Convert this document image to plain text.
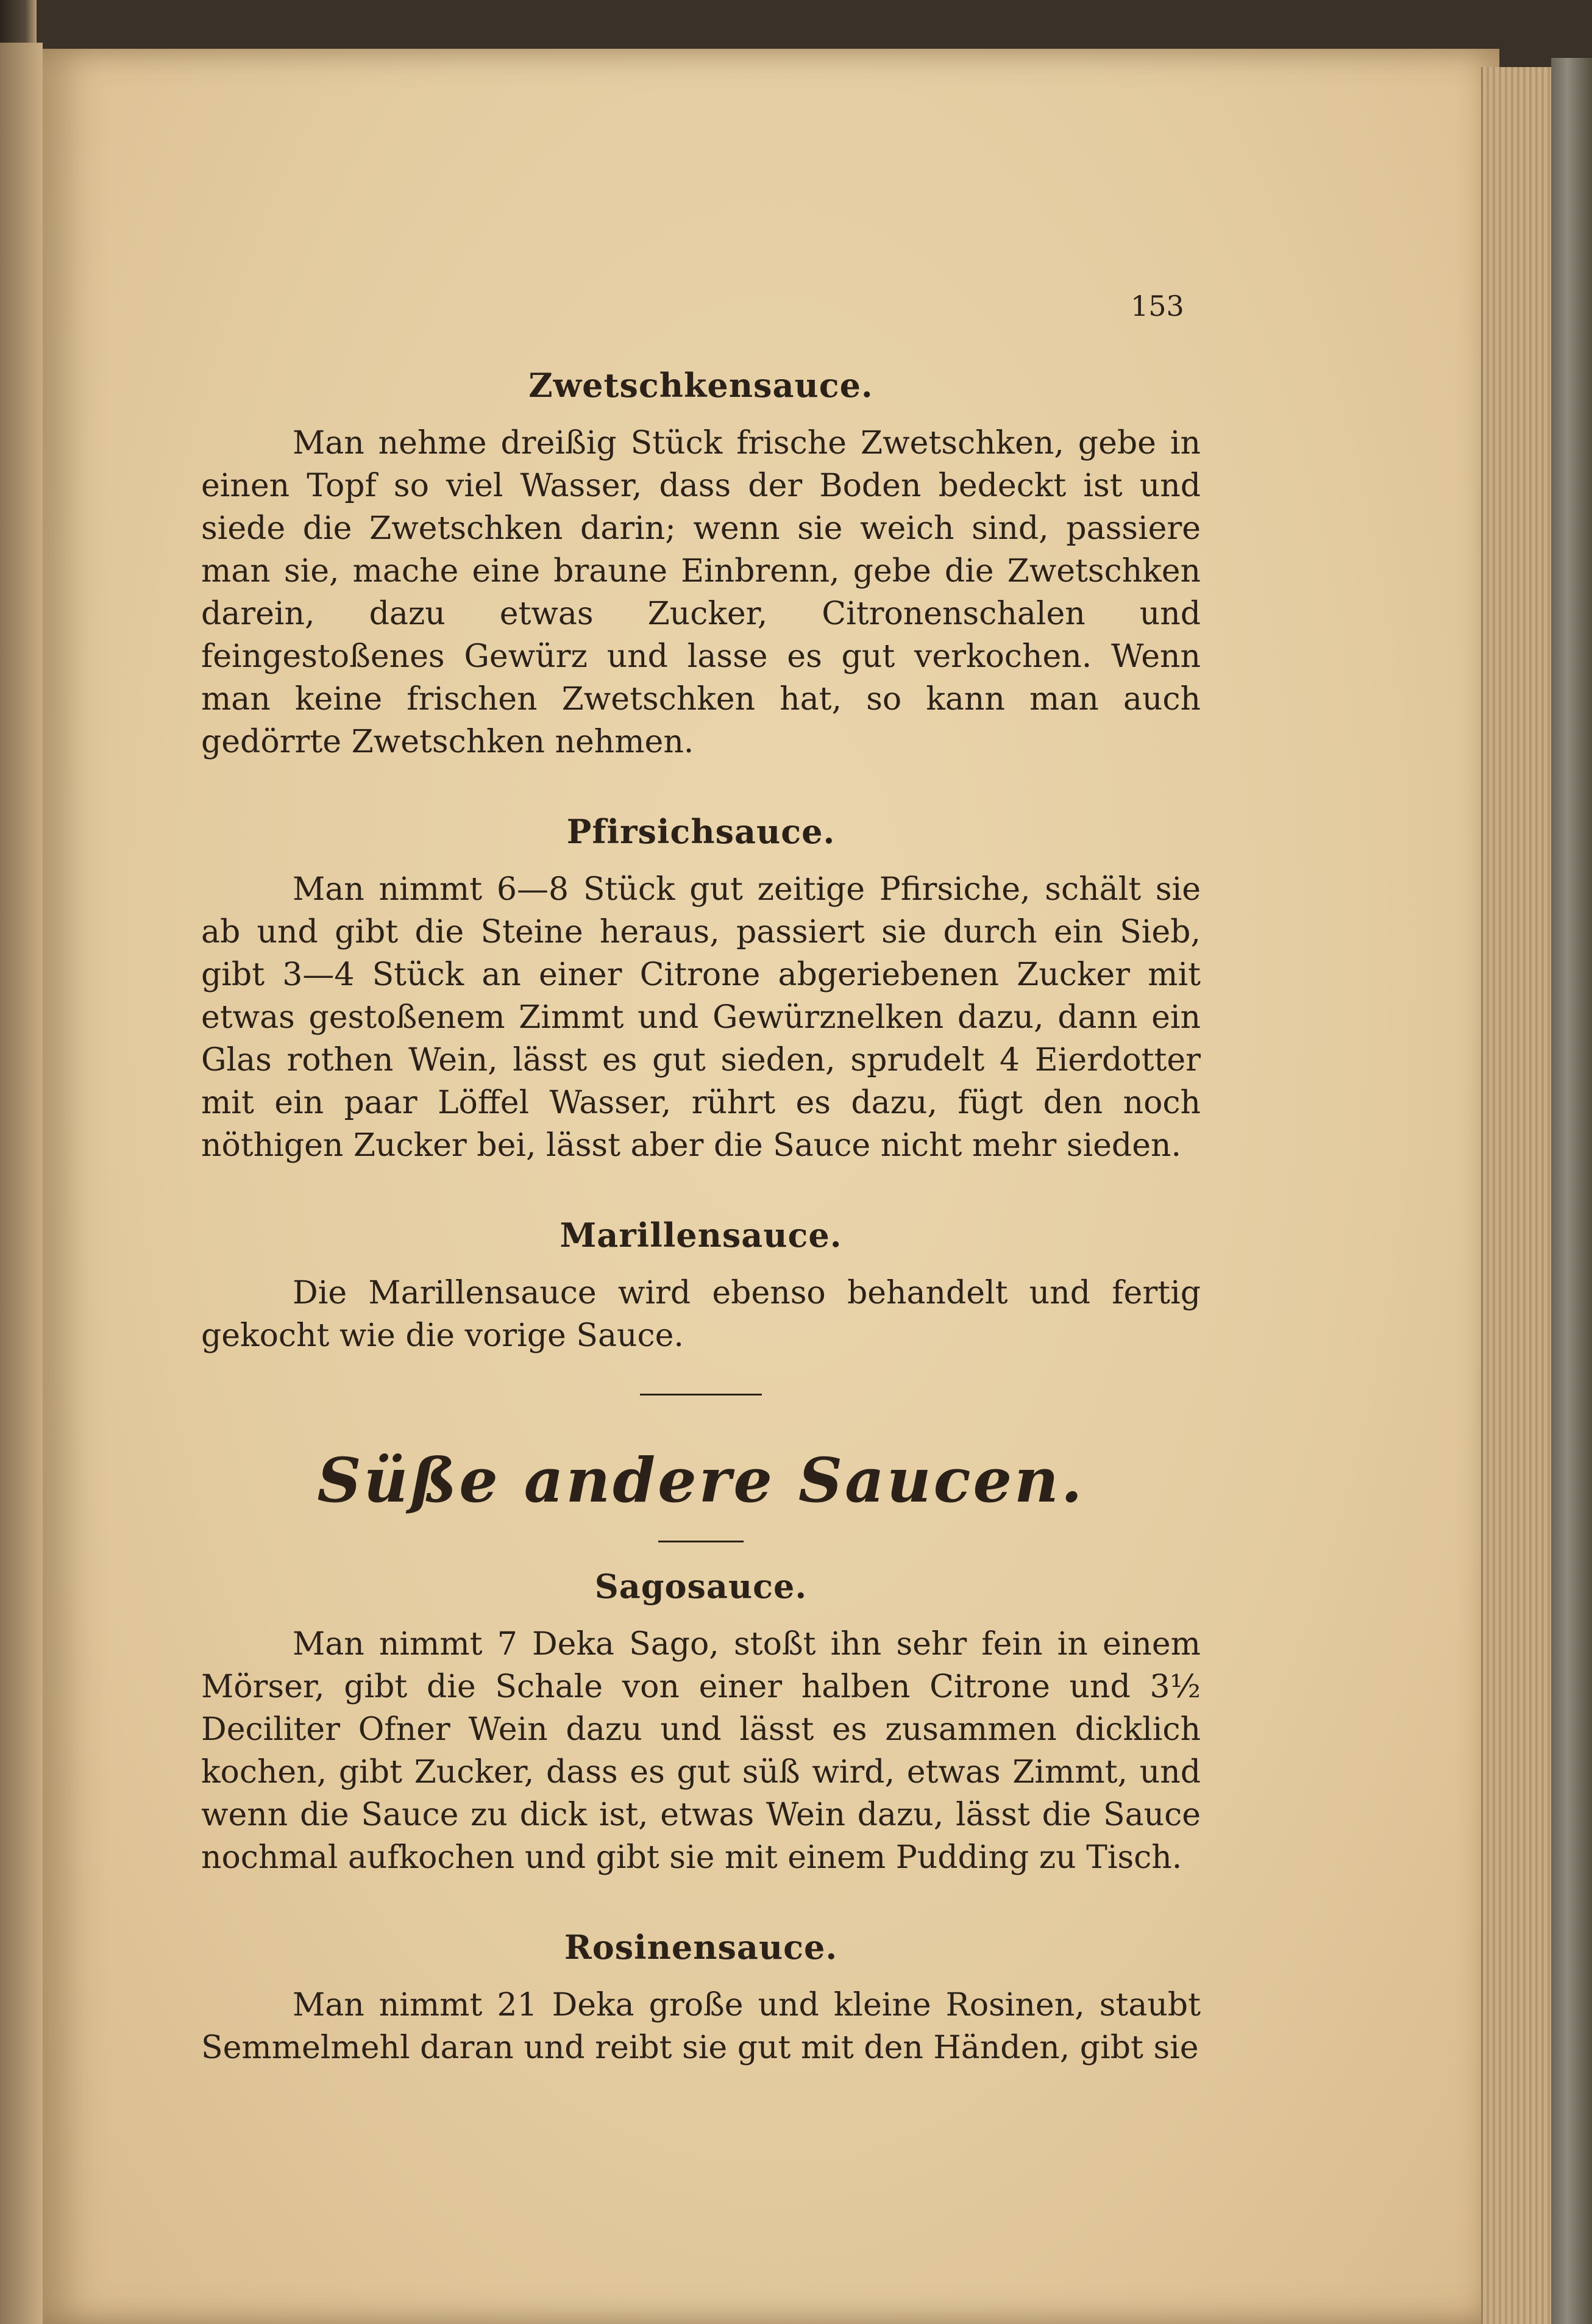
153
Zwetschkensauce.

Man nehme dreißig Stück frische Zwetschken, gebe in einen Topf so viel Wasser, dass der Boden bedeckt ist und siede die Zwetschken darin; wenn sie weich sind, passiere man sie, mache eine braune Einbrenn, gebe die Zwetschken darein, dazu etwas Zucker, Citronenschalen und feingestoßenes Gewürz und lasse es gut verkochen. Wenn man keine frischen Zwetschken hat, so kann man auch gedörrte Zwetschken nehmen.

Pfirsichsauce.

Man nimmt 6—8 Stück gut zeitige Pfirsiche, schält sie ab und gibt die Steine heraus, passiert sie durch ein Sieb, gibt 3—4 Stück an einer Citrone abgeriebenen Zucker mit etwas gestoßenem Zimmt und Gewürznelken dazu, dann ein Glas rothen Wein, lässt es gut sieden, sprudelt 4 Eierdotter mit ein paar Löffel Wasser, rührt es dazu, fügt den noch nöthigen Zucker bei, lässt aber die Sauce nicht mehr sieden.

Marillensauce.

Die Marillensauce wird ebenso behandelt und fertig gekocht wie die vorige Sauce.

Süße andere Saucen.
Sagosauce.

Man nimmt 7 Deka Sago, stoßt ihn sehr fein in einem Mörser, gibt die Schale von einer halben Citrone und 3½ Deciliter Ofner Wein dazu und lässt es zusammen dicklich kochen, gibt Zucker, dass es gut süß wird, etwas Zimmt, und wenn die Sauce zu dick ist, etwas Wein dazu, lässt die Sauce nochmal aufkochen und gibt sie mit einem Pudding zu Tisch.

Rosinensauce.

Man nimmt 21 Deka große und kleine Rosinen, staubt Semmelmehl daran und reibt sie gut mit den Händen, gibt sie
